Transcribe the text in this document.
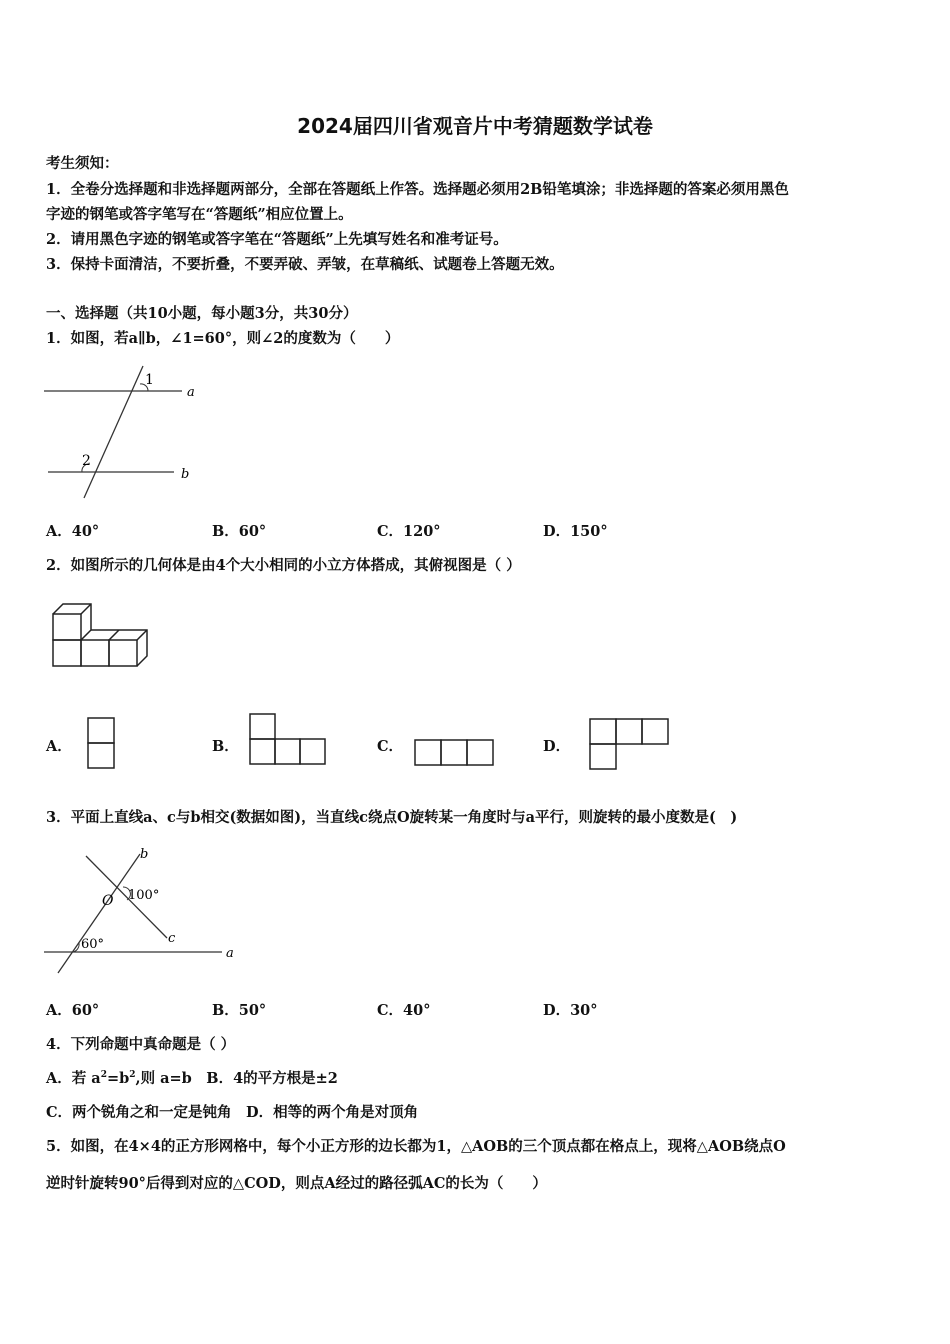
2024届四川省观音片中考猜题数学试卷
考生须知：
1．全卷分选择题和非选择题两部分，全部在答题纸上作答。选择题必须用2B铅笔填涂；非选择题的答案必须用黑色
字迹的钢笔或答字笔写在“答题纸”相应位置上。
2．请用黑色字迹的钢笔或答字笔在“答题纸”上先填写姓名和准考证号。
3．保持卡面清洁，不要折叠，不要弄破、弄皱，在草稿纸、试题卷上答题无效。
一、选择题（共10小题，每小题3分，共30分）
1．如图，若a∥b，∠1=60°，则∠2的度数为（　　）
1
2
a
b
A．40°	B．60°	C．120°	D．150°
2．如图所示的几何体是由4个大小相同的小立方体搭成，其俯视图是（ ）
A．	B．	C．	D．
3．平面上直线a、c与b相交(数据如图)，当直线c绕点O旋转某一角度时与a平行，则旋转的最小度数是(　)
O 100°
60°
a
b
c
A．60°	B．50°	C．40°	D．30°
4．下列命题中真命题是（ ）
A．若 $a^2=b^2$,则 a=b　B．4的平方根是±2
C．两个锐角之和一定是钝角　D．相等的两个角是对顶角
5．如图，在4×4的正方形网格中，每个小正方形的边长都为1，△AOB的三个顶点都在格点上，现将△AOB绕点O
逆时针旋转90°后得到对应的△COD，则点A经过的路径弧AC的长为（　　）
